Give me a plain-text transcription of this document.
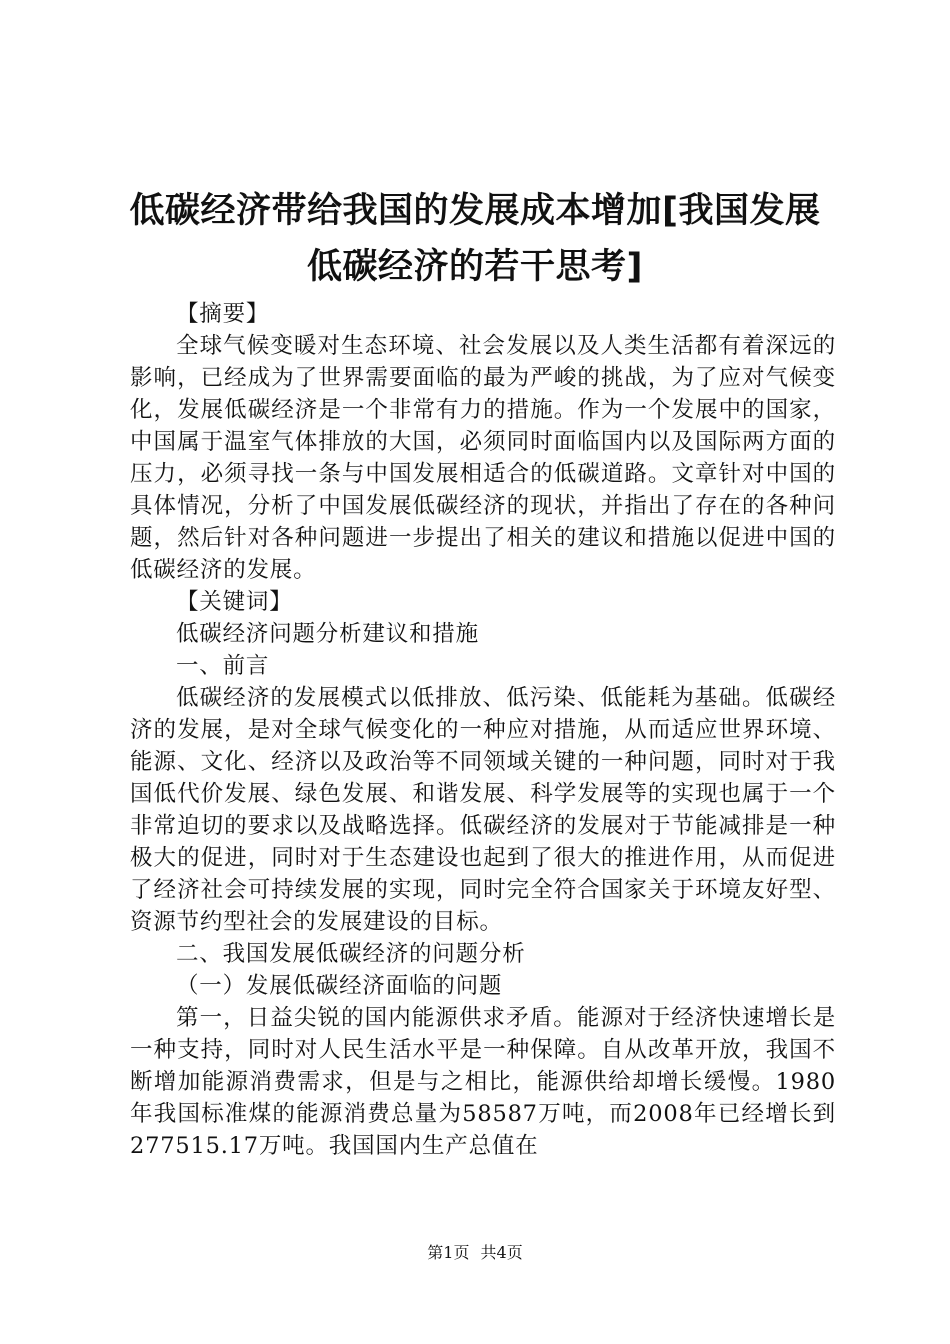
低碳经济带给我国的发展成本增加[我国发展
低碳经济的若干思考]

【摘要】

全球气候变暖对生态环境、社会发展以及人类生活都有着深远的影响，已经成为了世界需要面临的最为严峻的挑战，为了应对气候变化，发展低碳经济是一个非常有力的措施。作为一个发展中的国家，中国属于温室气体排放的大国，必须同时面临国内以及国际两方面的压力，必须寻找一条与中国发展相适合的低碳道路。文章针对中国的具体情况，分析了中国发展低碳经济的现状，并指出了存在的各种问题，然后针对各种问题进一步提出了相关的建议和措施以促进中国的低碳经济的发展。

【关键词】

低碳经济问题分析建议和措施

一、前言

低碳经济的发展模式以低排放、低污染、低能耗为基础。低碳经济的发展，是对全球气候变化的一种应对措施，从而适应世界环境、能源、文化、经济以及政治等不同领域关键的一种问题，同时对于我国低代价发展、绿色发展、和谐发展、科学发展等的实现也属于一个非常迫切的要求以及战略选择。低碳经济的发展对于节能减排是一种极大的促进，同时对于生态建设也起到了很大的推进作用，从而促进了经济社会可持续发展的实现，同时完全符合国家关于环境友好型、资源节约型社会的发展建设的目标。

二、我国发展低碳经济的问题分析

（一）发展低碳经济面临的问题

第一，日益尖锐的国内能源供求矛盾。能源对于经济快速增长是一种支持，同时对人民生活水平是一种保障。自从改革开放，我国不断增加能源消费需求，但是与之相比，能源供给却增长缓慢。1980年我国标准煤的能源消费总量为58587万吨，而2008年已经增长到277515.17万吨。我国国内生产总值在

第1页 共4页
